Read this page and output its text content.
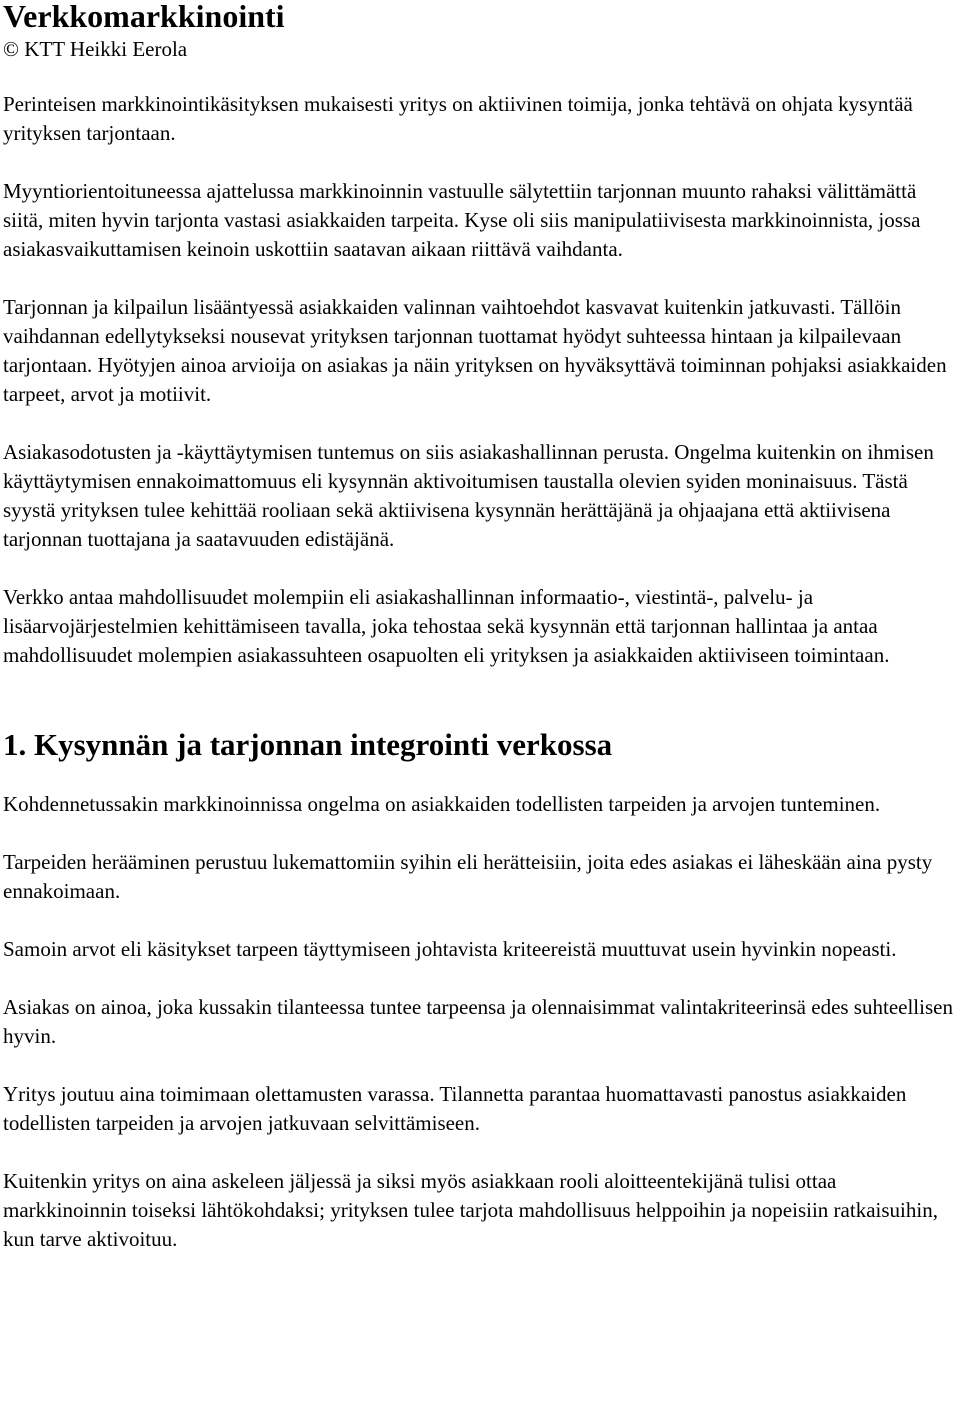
Verkkomarkkinointi
© KTT Heikki Eerola

Perinteisen markkinointikäsityksen mukaisesti yritys on aktiivinen toimija, jonka tehtävä on ohjata kysyntää yrityksen tarjontaan.

Myyntiorientoituneessa ajattelussa markkinoinnin vastuulle sälytettiin tarjonnan muunto rahaksi välittämättä siitä, miten hyvin tarjonta vastasi asiakkaiden tarpeita. Kyse oli siis manipulatiivisesta markkinoinnista, jossa asiakasvaikuttamisen keinoin uskottiin saatavan aikaan riittävä vaihdanta.

Tarjonnan ja kilpailun lisääntyessä asiakkaiden valinnan vaihtoehdot kasvavat kuitenkin jatkuvasti. Tällöin vaihdannan edellytykseksi nousevat yrityksen tarjonnan tuottamat hyödyt suhteessa hintaan ja kilpailevaan tarjontaan. Hyötyjen ainoa arvioija on asiakas ja näin yrityksen on hyväksyttävä toiminnan pohjaksi asiakkaiden tarpeet, arvot ja motiivit.

Asiakasodotusten ja -käyttäytymisen tuntemus on siis asiakashallinnan perusta. Ongelma kuitenkin on ihmisen käyttäytymisen ennakoimattomuus eli kysynnän aktivoitumisen taustalla olevien syiden moninaisuus. Tästä syystä yrityksen tulee kehittää rooliaan sekä aktiivisena kysynnän herättäjänä ja ohjaajana että aktiivisena tarjonnan tuottajana ja saatavuuden edistäjänä.

Verkko antaa mahdollisuudet molempiin eli asiakashallinnan informaatio-, viestintä-, palvelu- ja lisäarvojärjestelmien kehittämiseen tavalla, joka tehostaa sekä kysynnän että tarjonnan hallintaa ja antaa mahdollisuudet molempien asiakassuhteen osapuolten eli yrityksen ja asiakkaiden aktiiviseen toimintaan.

1. Kysynnän ja tarjonnan integrointi verkossa

Kohdennetussakin markkinoinnissa ongelma on asiakkaiden todellisten tarpeiden ja arvojen tunteminen.

Tarpeiden herääminen perustuu lukemattomiin syihin eli herätteisiin, joita edes asiakas ei läheskään aina pysty ennakoimaan.

Samoin arvot eli käsitykset tarpeen täyttymiseen johtavista kriteereistä muuttuvat usein hyvinkin nopeasti.

Asiakas on ainoa, joka kussakin tilanteessa tuntee tarpeensa ja olennaisimmat valintakriteerinsä edes suhteellisen hyvin.

Yritys joutuu aina toimimaan olettamusten varassa. Tilannetta parantaa huomattavasti panostus asiakkaiden todellisten tarpeiden ja arvojen jatkuvaan selvittämiseen.

Kuitenkin yritys on aina askeleen jäljessä ja siksi myös asiakkaan rooli aloitteentekijänä tulisi ottaa markkinoinnin toiseksi lähtökohdaksi; yrityksen tulee tarjota mahdollisuus helppoihin ja nopeisiin ratkaisuihin, kun tarve aktivoituu.
